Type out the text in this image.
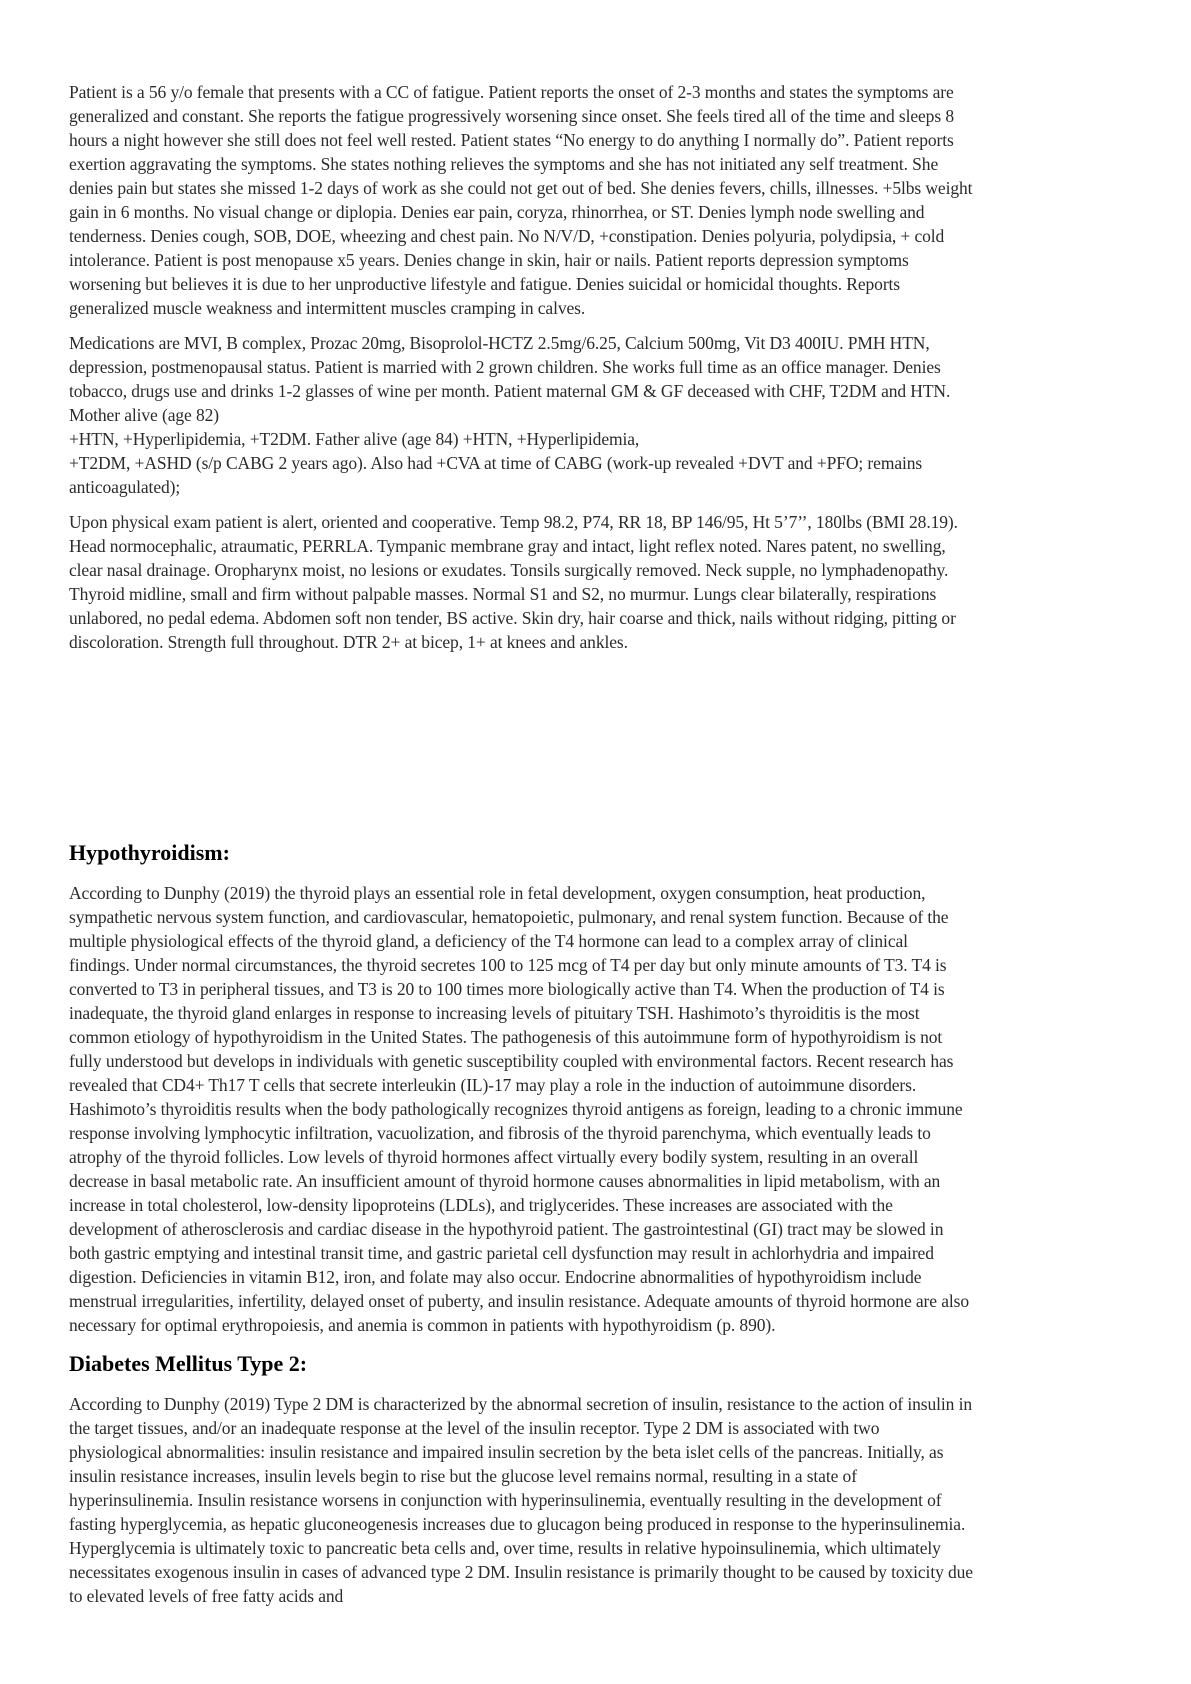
Patient is a 56 y/o female that presents with a CC of fatigue. Patient reports the onset of 2-3 months and states the symptoms are
generalized and constant. She reports the fatigue progressively worsening since onset. She feels tired all of the time and sleeps 8
hours a night however she still does not feel well rested. Patient states “No energy to do anything I normally do”. Patient reports
exertion aggravating the symptoms. She states nothing relieves the symptoms and she has not initiated any self treatment. She
denies pain but states she missed 1-2 days of work as she could not get out of bed. She denies fevers, chills, illnesses. +5lbs weight
gain in 6 months. No visual change or diplopia. Denies ear pain, coryza, rhinorrhea, or ST. Denies lymph node swelling and
tenderness. Denies cough, SOB, DOE, wheezing and chest pain. No N/V/D, +constipation. Denies polyuria, polydipsia, + cold
intolerance. Patient is post menopause x5 years. Denies change in skin, hair or nails. Patient reports depression symptoms
worsening but believes it is due to her unproductive lifestyle and fatigue. Denies suicidal or homicidal thoughts. Reports
generalized muscle weakness and intermittent muscles cramping in calves.
Medications are MVI, B complex, Prozac 20mg, Bisoprolol-HCTZ 2.5mg/6.25, Calcium 500mg, Vit D3 400IU. PMH HTN,
depression, postmenopausal status. Patient is married with 2 grown children. She works full time as an office manager. Denies
tobacco, drugs use and drinks 1-2 glasses of wine per month. Patient maternal GM & GF deceased with CHF, T2DM and HTN.
Mother alive (age 82)
+HTN, +Hyperlipidemia, +T2DM. Father alive (age 84) +HTN, +Hyperlipidemia,
+T2DM, +ASHD (s/p CABG 2 years ago). Also had +CVA at time of CABG (work-up revealed +DVT and +PFO; remains
anticoagulated);
Upon physical exam patient is alert, oriented and cooperative. Temp 98.2, P74, RR 18, BP 146/95, Ht 5’7’’, 180lbs (BMI 28.19).
Head normocephalic, atraumatic, PERRLA. Tympanic membrane gray and intact, light reflex noted. Nares patent, no swelling,
clear nasal drainage. Oropharynx moist, no lesions or exudates. Tonsils surgically removed. Neck supple, no lymphadenopathy.
Thyroid midline, small and firm without palpable masses. Normal S1 and S2, no murmur. Lungs clear bilaterally, respirations
unlabored, no pedal edema. Abdomen soft non tender, BS active. Skin dry, hair coarse and thick, nails without ridging, pitting or
discoloration. Strength full throughout. DTR 2+ at bicep, 1+ at knees and ankles.
Hypothyroidism:
According to Dunphy (2019) the thyroid plays an essential role in fetal development, oxygen consumption, heat production,
sympathetic nervous system function, and cardiovascular, hematopoietic, pulmonary, and renal system function. Because of the
multiple physiological effects of the thyroid gland, a deficiency of the T4 hormone can lead to a complex array of clinical
findings. Under normal circumstances, the thyroid secretes 100 to 125 mcg of T4 per day but only minute amounts of T3. T4 is
converted to T3 in peripheral tissues, and T3 is 20 to 100 times more biologically active than T4. When the production of T4 is
inadequate, the thyroid gland enlarges in response to increasing levels of pituitary TSH. Hashimoto’s thyroiditis is the most
common etiology of hypothyroidism in the United States. The pathogenesis of this autoimmune form of hypothyroidism is not
fully understood but develops in individuals with genetic susceptibility coupled with environmental factors. Recent research has
revealed that CD4+ Th17 T cells that secrete interleukin (IL)-17 may play a role in the induction of autoimmune disorders.
Hashimoto’s thyroiditis results when the body pathologically recognizes thyroid antigens as foreign, leading to a chronic immune
response involving lymphocytic infiltration, vacuolization, and fibrosis of the thyroid parenchyma, which eventually leads to
atrophy of the thyroid follicles. Low levels of thyroid hormones affect virtually every bodily system, resulting in an overall
decrease in basal metabolic rate. An insufficient amount of thyroid hormone causes abnormalities in lipid metabolism, with an
increase in total cholesterol, low-density lipoproteins (LDLs), and triglycerides. These increases are associated with the
development of atherosclerosis and cardiac disease in the hypothyroid patient. The gastrointestinal (GI) tract may be slowed in
both gastric emptying and intestinal transit time, and gastric parietal cell dysfunction may result in achlorhydria and impaired
digestion. Deficiencies in vitamin B12, iron, and folate may also occur. Endocrine abnormalities of hypothyroidism include
menstrual irregularities, infertility, delayed onset of puberty, and insulin resistance. Adequate amounts of thyroid hormone are also
necessary for optimal erythropoiesis, and anemia is common in patients with hypothyroidism (p. 890).
Diabetes Mellitus Type 2:
According to Dunphy (2019) Type 2 DM is characterized by the abnormal secretion of insulin, resistance to the action of insulin in
the target tissues, and/or an inadequate response at the level of the insulin receptor. Type 2 DM is associated with two
physiological abnormalities: insulin resistance and impaired insulin secretion by the beta islet cells of the pancreas. Initially, as
insulin resistance increases, insulin levels begin to rise but the glucose level remains normal, resulting in a state of
hyperinsulinemia. Insulin resistance worsens in conjunction with hyperinsulinemia, eventually resulting in the development of
fasting hyperglycemia, as hepatic gluconeogenesis increases due to glucagon being produced in response to the hyperinsulinemia.
Hyperglycemia is ultimately toxic to pancreatic beta cells and, over time, results in relative hypoinsulinemia, which ultimately
necessitates exogenous insulin in cases of advanced type 2 DM. Insulin resistance is primarily thought to be caused by toxicity due
to elevated levels of free fatty acids and
